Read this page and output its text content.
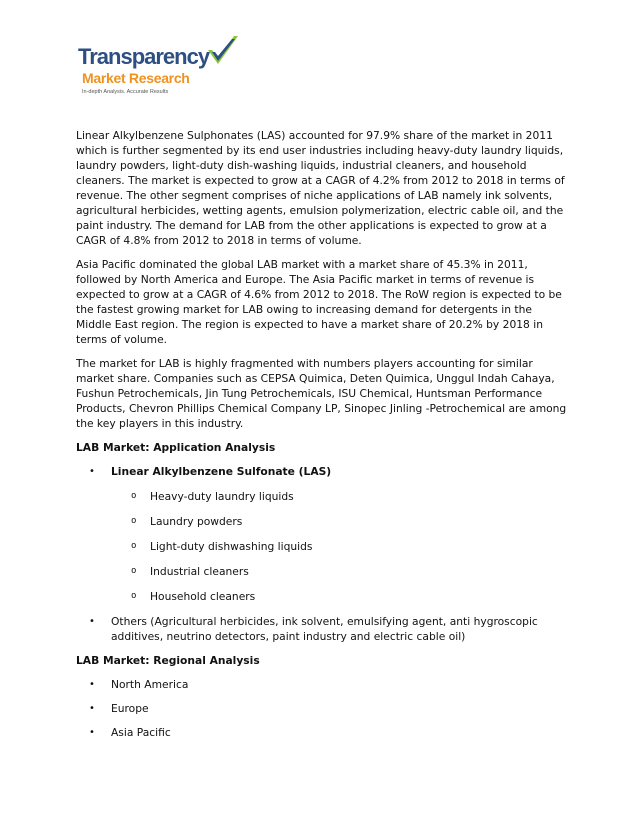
Transparency
Market Research
In-depth Analysis. Accurate Results

Linear Alkylbenzene Sulphonates (LAS) accounted for 97.9% share of the market in 2011 which is further segmented by its end user industries including heavy-duty laundry liquids, laundry powders, light-duty dish-washing liquids, industrial cleaners, and household cleaners. The market is expected to grow at a CAGR of 4.2% from 2012 to 2018 in terms of revenue. The other segment comprises of niche applications of LAB namely ink solvents, agricultural herbicides, wetting agents, emulsion polymerization, electric cable oil, and the paint industry. The demand for LAB from the other applications is expected to grow at a CAGR of 4.8% from 2012 to 2018 in terms of volume.

Asia Pacific dominated the global LAB market with a market share of 45.3% in 2011, followed by North America and Europe. The Asia Pacific market in terms of revenue is expected to grow at a CAGR of 4.6% from 2012 to 2018. The RoW region is expected to be the fastest growing market for LAB owing to increasing demand for detergents in the Middle East region. The region is expected to have a market share of 20.2% by 2018 in terms of volume.

The market for LAB is highly fragmented with numbers players accounting for similar market share. Companies such as CEPSA Quimica, Deten Quimica, Unggul Indah Cahaya, Fushun Petrochemicals, Jin Tung Petrochemicals, ISU Chemical, Huntsman Performance Products, Chevron Phillips Chemical Company LP, Sinopec Jinling -Petrochemical are among the key players in this industry.

LAB Market: Application Analysis
• Linear Alkylbenzene Sulfonate (LAS)
o Heavy-duty laundry liquids
o Laundry powders
o Light-duty dishwashing liquids
o Industrial cleaners
o Household cleaners
• Others (Agricultural herbicides, ink solvent, emulsifying agent, anti hygroscopic additives, neutrino detectors, paint industry and electric cable oil)
LAB Market: Regional Analysis
• North America
• Europe
• Asia Pacific
